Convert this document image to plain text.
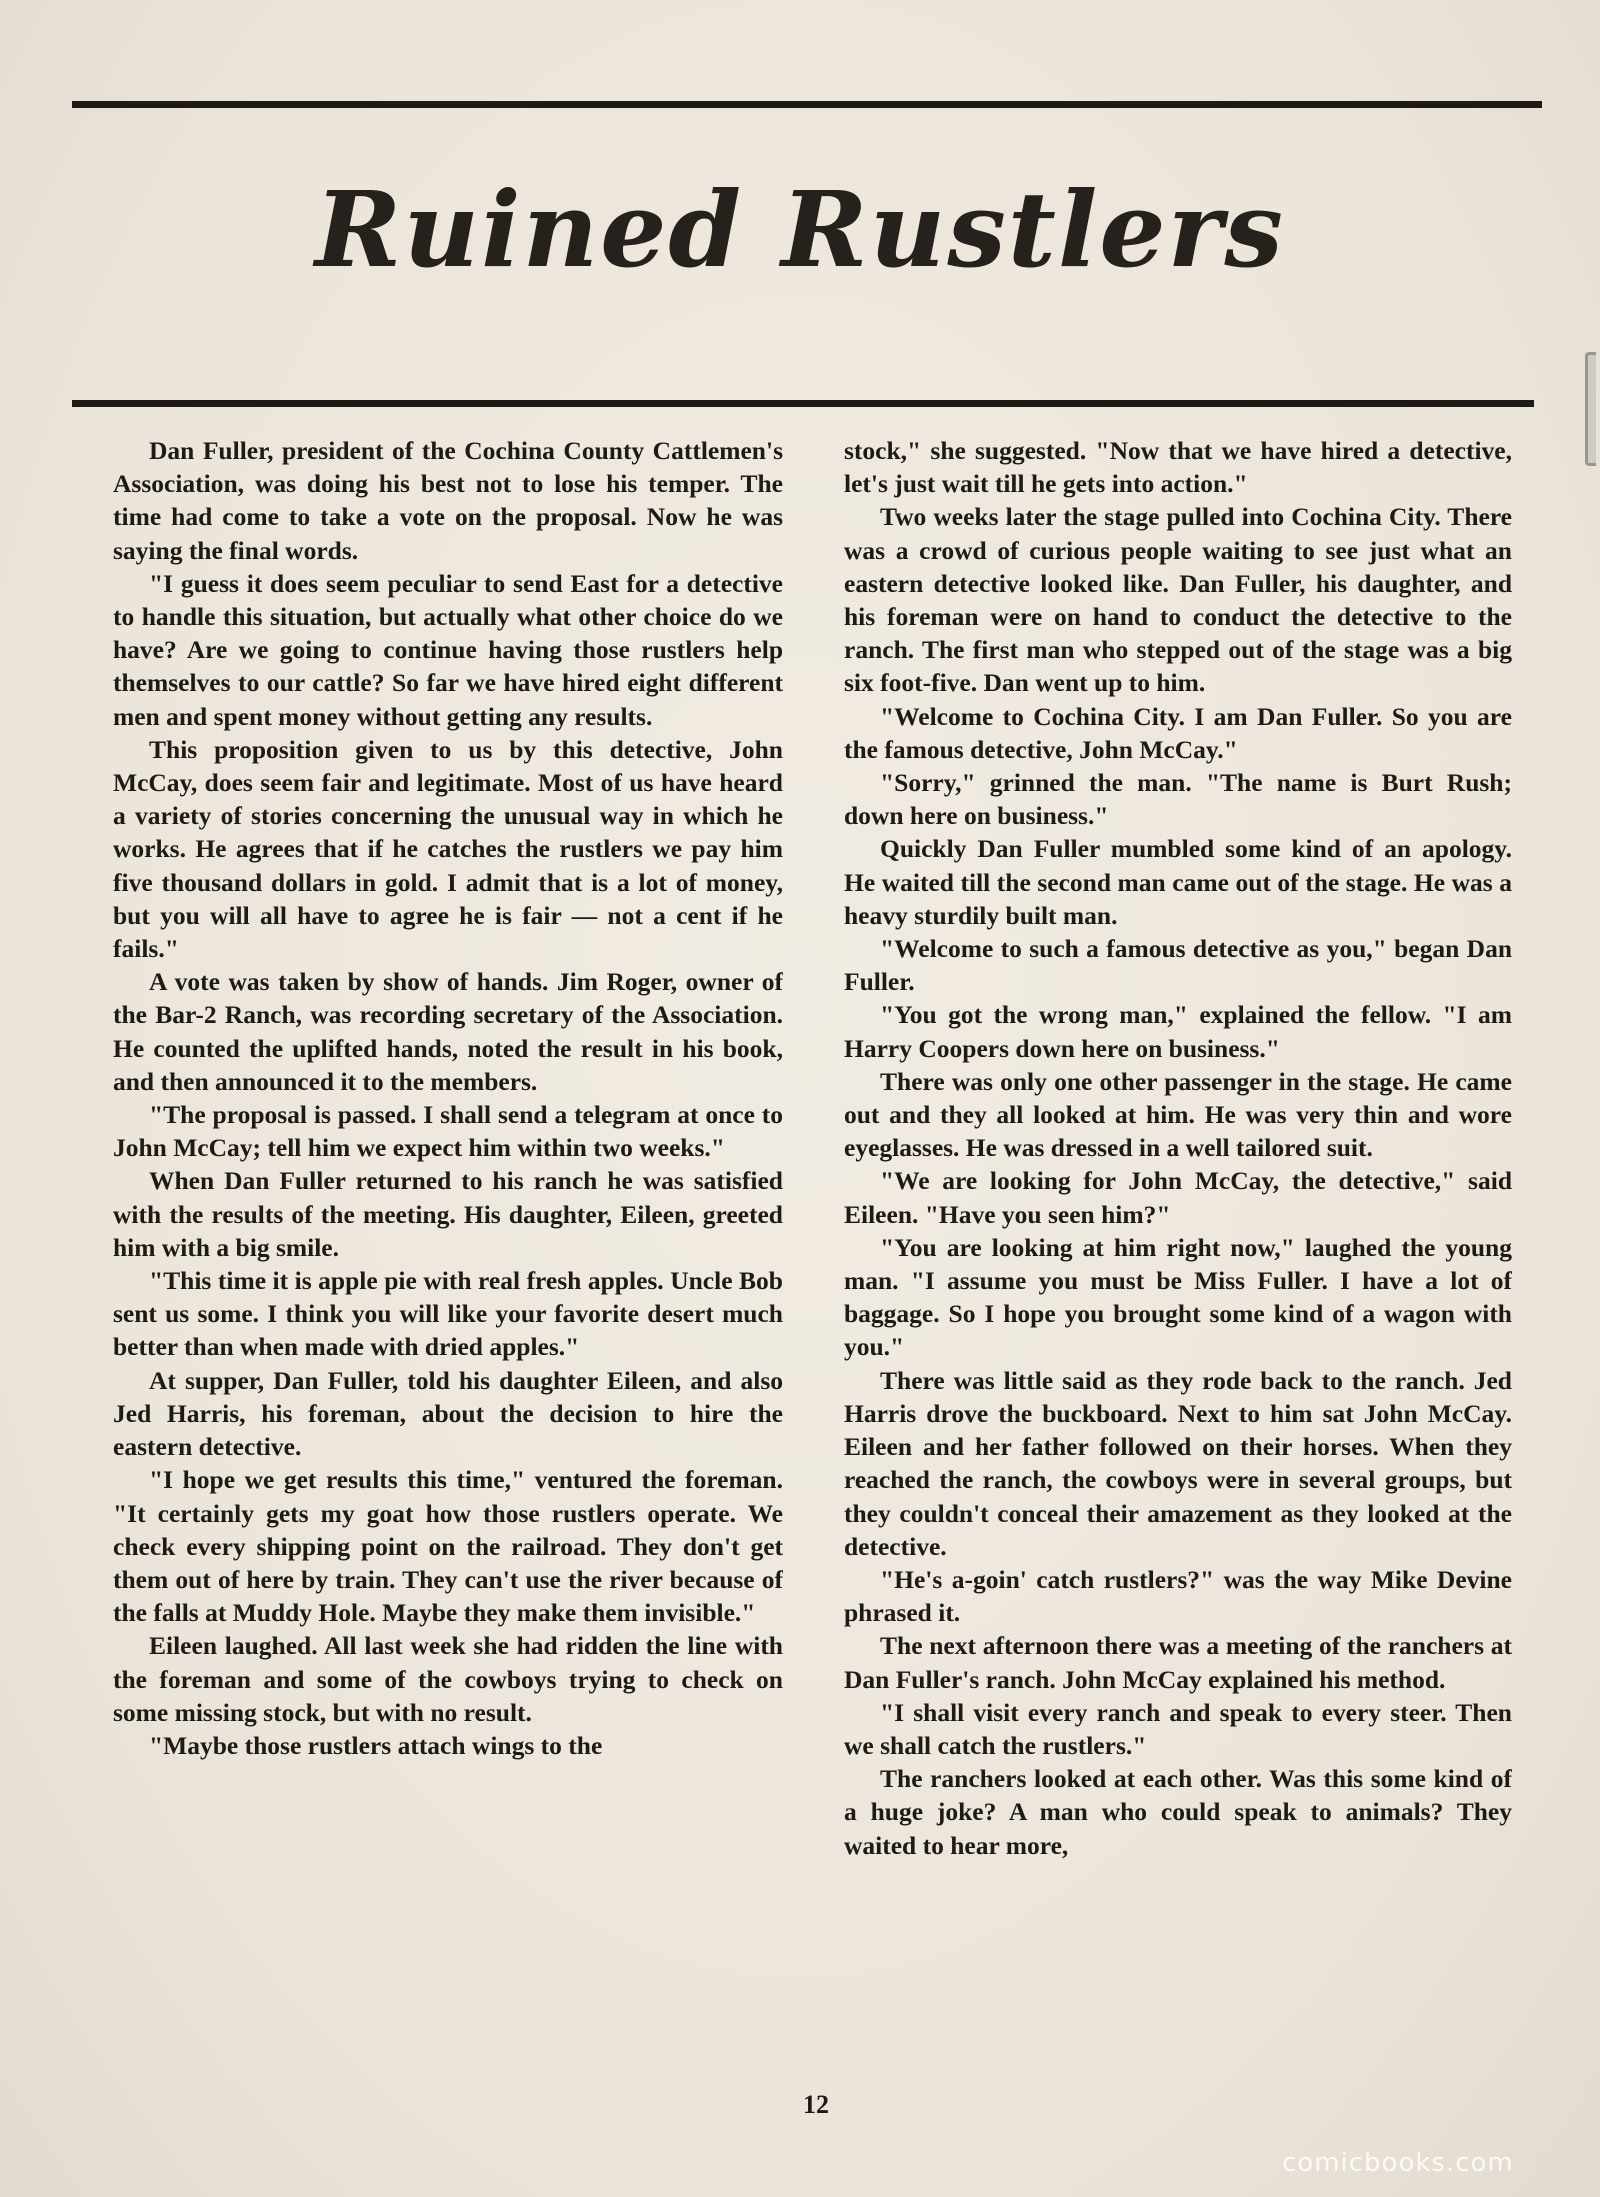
Ruined Rustlers

Dan Fuller, president of the Cochina County Cattlemen's Association, was doing his best not to lose his temper. The time had come to take a vote on the proposal. Now he was saying the final words.

"I guess it does seem peculiar to send East for a detective to handle this situation, but actually what other choice do we have? Are we going to continue having those rustlers help themselves to our cattle? So far we have hired eight different men and spent money without getting any results.

This proposition given to us by this detective, John McCay, does seem fair and legitimate. Most of us have heard a variety of stories concerning the unusual way in which he works. He agrees that if he catches the rustlers we pay him five thousand dollars in gold. I admit that is a lot of money, but you will all have to agree he is fair — not a cent if he fails."

A vote was taken by show of hands. Jim Roger, owner of the Bar-2 Ranch, was recording secretary of the Association. He counted the uplifted hands, noted the result in his book, and then announced it to the members.

"The proposal is passed. I shall send a telegram at once to John McCay; tell him we expect him within two weeks."

When Dan Fuller returned to his ranch he was satisfied with the results of the meeting. His daughter, Eileen, greeted him with a big smile.

"This time it is apple pie with real fresh apples. Uncle Bob sent us some. I think you will like your favorite desert much better than when made with dried apples."

At supper, Dan Fuller, told his daughter Eileen, and also Jed Harris, his foreman, about the decision to hire the eastern detective.

"I hope we get results this time," ventured the foreman. "It certainly gets my goat how those rustlers operate. We check every shipping point on the railroad. They don't get them out of here by train. They can't use the river because of the falls at Muddy Hole. Maybe they make them invisible."

Eileen laughed. All last week she had ridden the line with the foreman and some of the cowboys trying to check on some missing stock, but with no result.

"Maybe those rustlers attach wings to the

12

stock," she suggested. "Now that we have hired a detective, let's just wait till he gets into action."

Two weeks later the stage pulled into Cochina City. There was a crowd of curious people waiting to see just what an eastern detective looked like. Dan Fuller, his daughter, and his foreman were on hand to conduct the detective to the ranch. The first man who stepped out of the stage was a big six foot-five. Dan went up to him.

"Welcome to Cochina City. I am Dan Fuller. So you are the famous detective, John McCay."

"Sorry," grinned the man. "The name is Burt Rush; down here on business."

Quickly Dan Fuller mumbled some kind of an apology. He waited till the second man came out of the stage. He was a heavy sturdily built man.

"Welcome to such a famous detective as you," began Dan Fuller.

"You got the wrong man," explained the fellow. "I am Harry Coopers down here on business."

There was only one other passenger in the stage. He came out and they all looked at him. He was very thin and wore eyeglasses. He was dressed in a well tailored suit.

"We are looking for John McCay, the detective," said Eileen. "Have you seen him?"

"You are looking at him right now," laughed the young man. "I assume you must be Miss Fuller. I have a lot of baggage. So I hope you brought some kind of a wagon with you."

There was little said as they rode back to the ranch. Jed Harris drove the buckboard. Next to him sat John McCay. Eileen and her father followed on their horses. When they reached the ranch, the cowboys were in several groups, but they couldn't conceal their amazement as they looked at the detective.

"He's a-goin' catch rustlers?" was the way Mike Devine phrased it.

The next afternoon there was a meeting of the ranchers at Dan Fuller's ranch. John McCay explained his method.

"I shall visit every ranch and speak to every steer. Then we shall catch the rustlers."

The ranchers looked at each other. Was this some kind of a huge joke? A man who could speak to animals? They waited to hear more,

comicbooks.com
